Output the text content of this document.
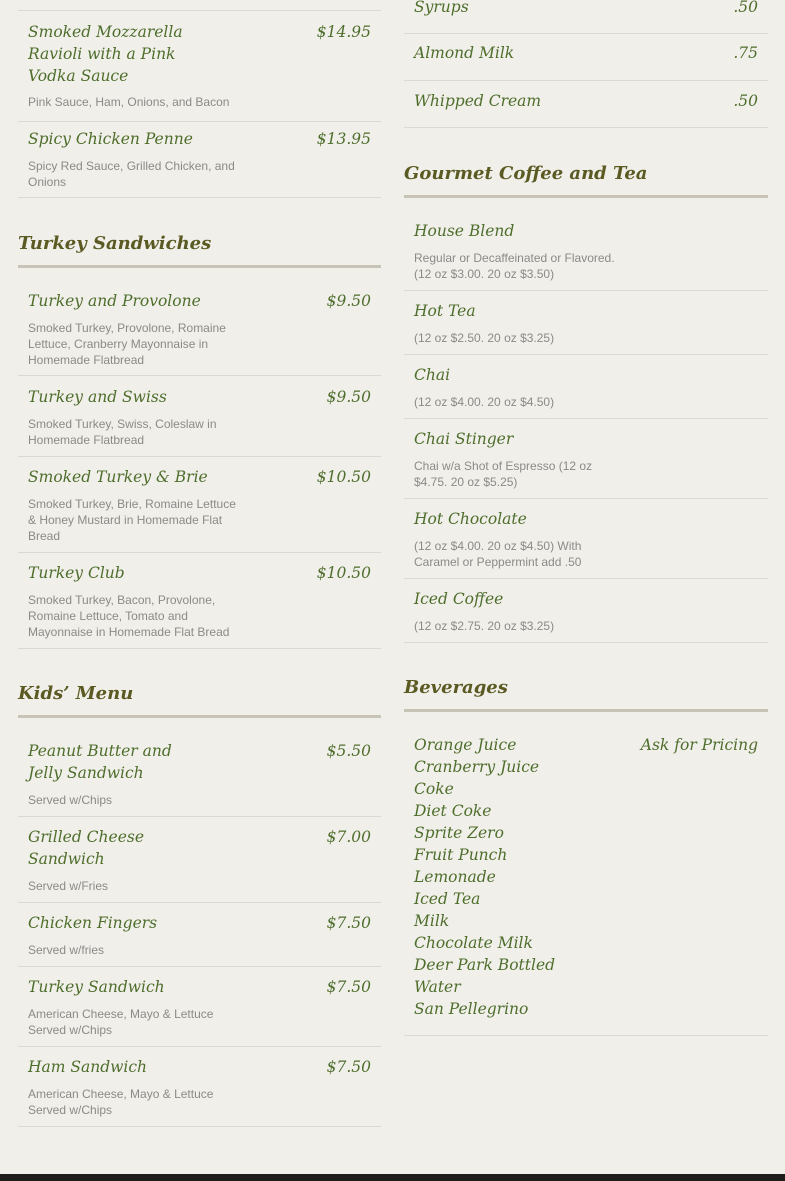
$14.95
Smoked Mozzarella Ravioli with a Pink Vodka Sauce
Pink Sauce, Ham, Onions, and Bacon
$13.95
Spicy Chicken Penne
Spicy Red Sauce, Grilled Chicken, and Onions
Turkey Sandwiches
$9.50
Turkey and Provolone
Smoked Turkey, Provolone, Romaine Lettuce, Cranberry Mayonnaise in Homemade Flatbread
$9.50
Turkey and Swiss
Smoked Turkey, Swiss, Coleslaw in Homemade Flatbread
$10.50
Smoked Turkey & Brie
Smoked Turkey, Brie, Romaine Lettuce & Honey Mustard in Homemade Flat Bread
$10.50
Turkey Club
Smoked Turkey, Bacon, Provolone, Romaine Lettuce, Tomato and Mayonnaise in Homemade Flat Bread
Kids’ Menu
$5.50
Peanut Butter and Jelly Sandwich
Served w/Chips
$7.00
Grilled Cheese Sandwich
Served w/Fries
$7.50
Chicken Fingers
Served w/fries
$7.50
Turkey Sandwich
American Cheese, Mayo & Lettuce Served w/Chips
$7.50
Ham Sandwich
American Cheese, Mayo & Lettuce Served w/Chips
.50
Syrups
.75
Almond Milk
.50
Whipped Cream
Gourmet Coffee and Tea
House Blend
Regular or Decaffeinated or Flavored. (12 oz $3.00. 20 oz $3.50)
Hot Tea
(12 oz $2.50. 20 oz $3.25)
Chai
(12 oz $4.00. 20 oz $4.50)
Chai Stinger
Chai w/a Shot of Espresso (12 oz $4.75. 20 oz $5.25)
Hot Chocolate
(12 oz $4.00. 20 oz $4.50) With Caramel or Peppermint add .50
Iced Coffee
(12 oz $2.75. 20 oz $3.25)
Beverages
Ask for Pricing
Orange Juice
Cranberry Juice
Coke
Diet Coke
Sprite Zero
Fruit Punch
Lemonade
Iced Tea
Milk
Chocolate Milk
Deer Park Bottled Water
San Pellegrino
